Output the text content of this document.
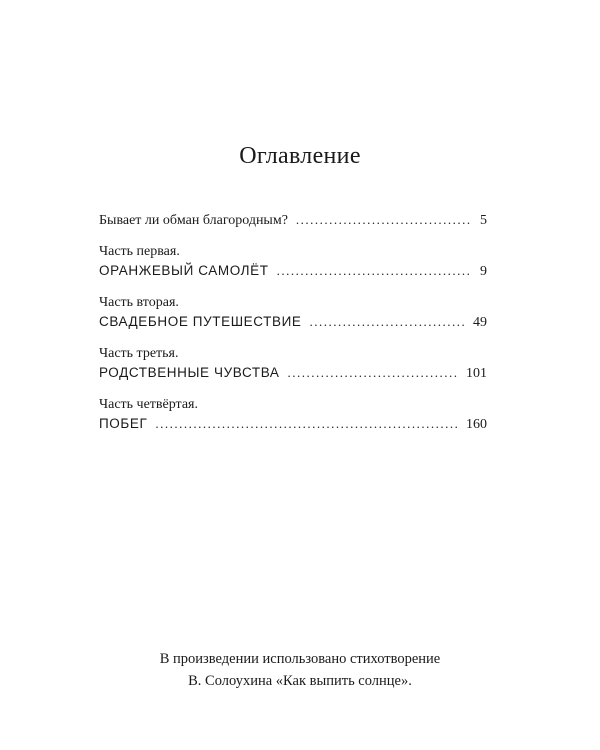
Оглавление
Бывает ли обман благородным? .....	5
Часть первая.
ОРАНЖЕВЫЙ САМОЛЁТ .....	9
Часть вторая.
СВАДЕБНОЕ ПУТЕШЕСТВИЕ .....	49
Часть третья.
РОДСТВЕННЫЕ ЧУВСТВА .....	101
Часть четвёртая.
ПОБЕГ .....	160
В произведении использовано стихотворение
В. Солоухина «Как выпить солнце».
